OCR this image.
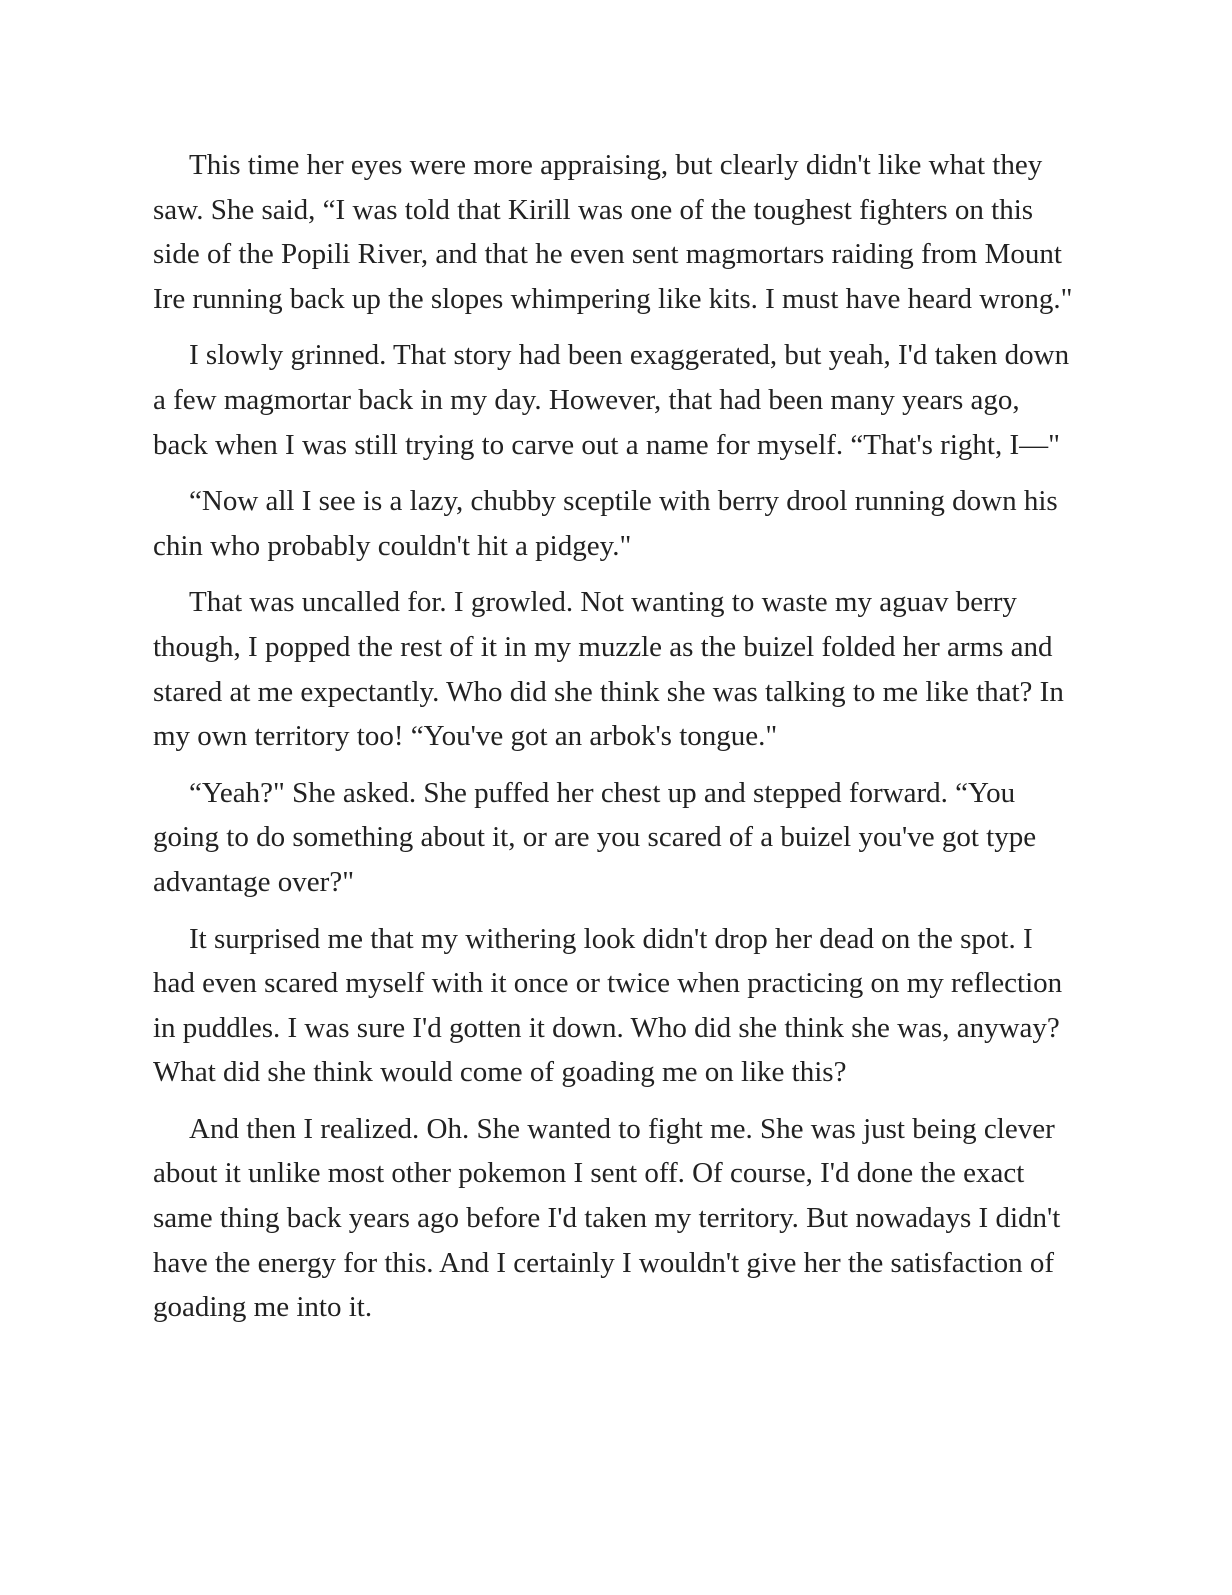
This time her eyes were more appraising, but clearly didn't like what they saw. She said, “I was told that Kirill was one of the toughest fighters on this side of the Popili River, and that he even sent magmortars raiding from Mount Ire running back up the slopes whimpering like kits. I must have heard wrong."

I slowly grinned. That story had been exaggerated, but yeah, I'd taken down a few magmortar back in my day. However, that had been many years ago, back when I was still trying to carve out a name for myself. “That's right, I—"

“Now all I see is a lazy, chubby sceptile with berry drool running down his chin who probably couldn't hit a pidgey."

That was uncalled for. I growled. Not wanting to waste my aguav berry though, I popped the rest of it in my muzzle as the buizel folded her arms and stared at me expectantly. Who did she think she was talking to me like that? In my own territory too! “You've got an arbok's tongue."

“Yeah?" She asked. She puffed her chest up and stepped forward. “You going to do something about it, or are you scared of a buizel you've got type advantage over?"

It surprised me that my withering look didn't drop her dead on the spot. I had even scared myself with it once or twice when practicing on my reflection in puddles. I was sure I'd gotten it down. Who did she think she was, anyway? What did she think would come of goading me on like this?

And then I realized. Oh. She wanted to fight me. She was just being clever about it unlike most other pokemon I sent off. Of course, I'd done the exact same thing back years ago before I'd taken my territory. But nowadays I didn't have the energy for this. And I certainly I wouldn't give her the satisfaction of goading me into it.
